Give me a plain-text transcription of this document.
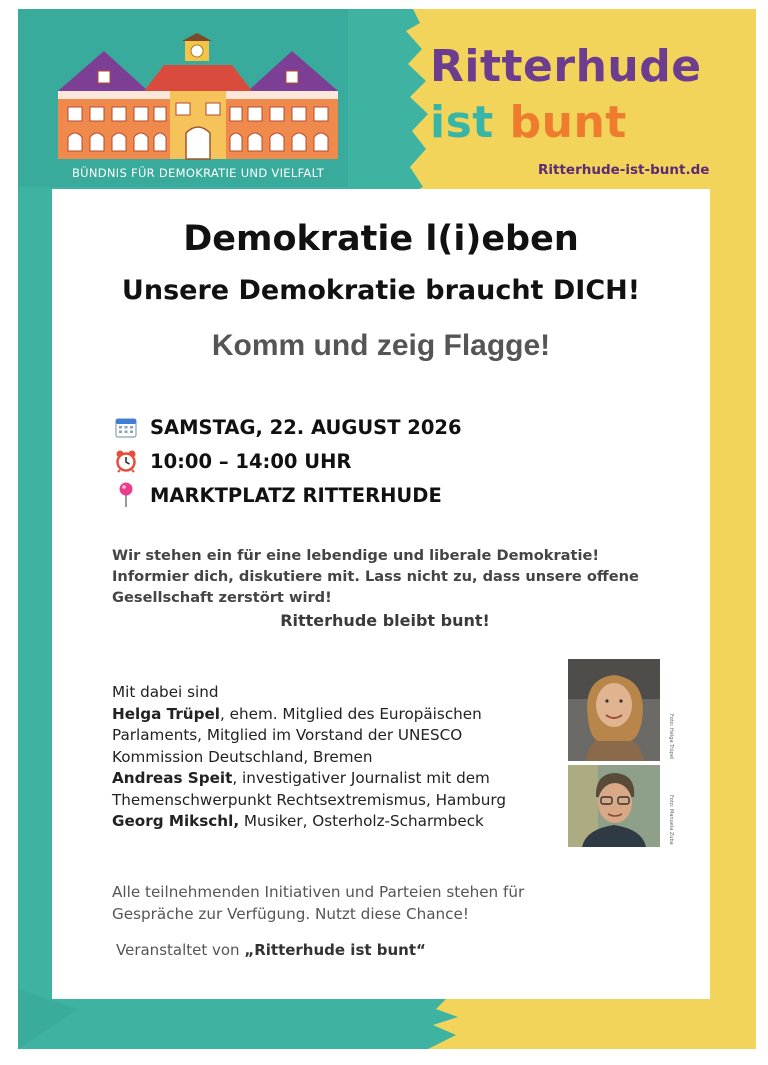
BÜNDNIS FÜR DEMOKRATIE UND VIELFALT
Ritterhude
ist bunt
Ritterhude-ist-bunt.de
Demokratie l(i)eben
Unsere Demokratie braucht DICH!
Komm und zeig Flagge!
SAMSTAG, 22. AUGUST 2026
10:00 – 14:00 UHR
MARKTPLATZ RITTERHUDE

Wir stehen ein für eine lebendige und liberale Demokratie!

Informier dich, diskutiere mit. Lass nicht zu, dass unsere offene

Gesellschaft zerstört wird!

Ritterhude bleibt bunt!
Mit dabei sind
Helga Trüpel, ehem. Mitglied des Europäischen
Parlaments, Mitglied im Vorstand der UNESCO
Kommission Deutschland, Bremen
Andreas Speit, investigativer Journalist mit dem
Themenschwerpunkt Rechtsextremismus, Hamburg
Georg Mikschl, Musiker, Osterholz-Scharmbeck
Foto: Helga Trüpel
Foto: Manuela Zuba
Alle teilnehmenden Initiativen und Parteien stehen für
Gespräche zur Verfügung. Nutzt diese Chance!
Veranstaltet von „Ritterhude ist bunt“
